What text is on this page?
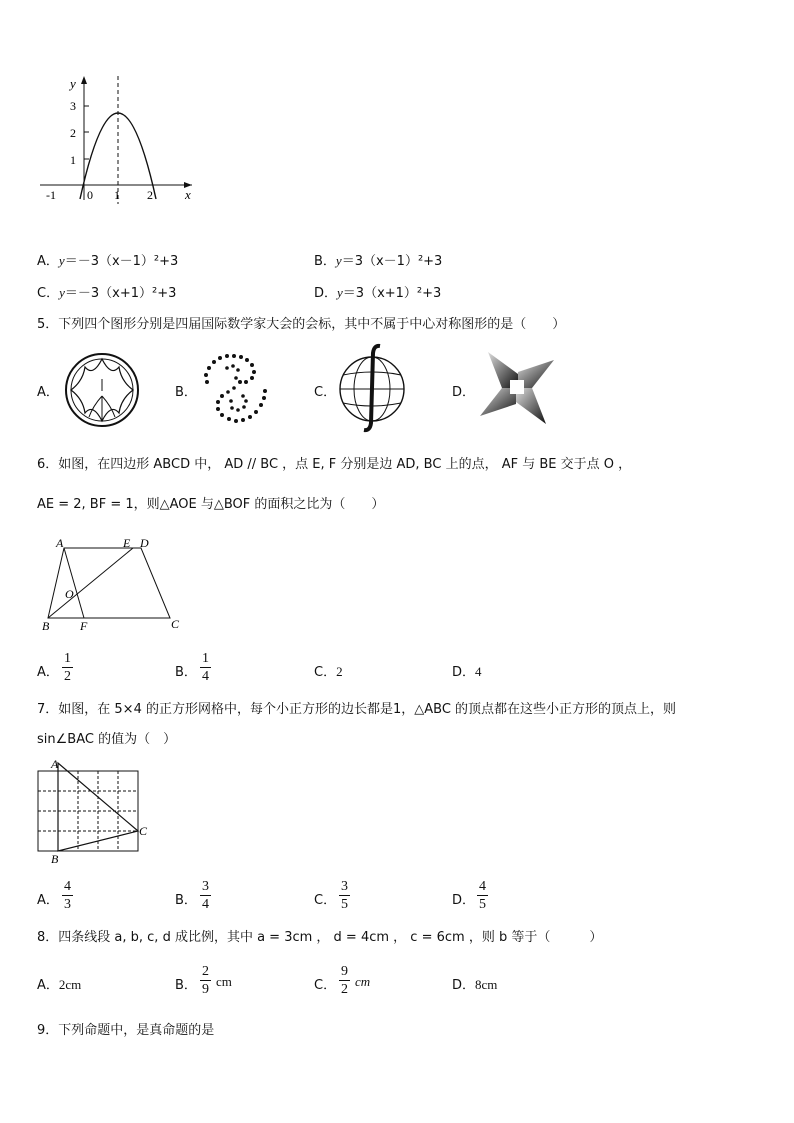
y
x
3
2
1
-1	0 1 2
A．y＝－3（x－1）²+3	B．y＝3（x－1）²+3
C．y＝－3（x+1）²+3	D．y＝3（x+1）²+3
5．下列四个图形分别是四届国际数学家大会的会标，其中不属于中心对称图形的是（　　）
A．	B．	C．	D．
6．如图，在四边形 ABCD 中， AD // BC ，点 E, F 分别是边 AD, BC 上的点， AF 与 BE 交于点 O ，
AE = 2, BF = 1，则△AOE 与△BOF 的面积之比为（　　）
A	E D
O
B	F	C
A． $\frac{1}{2}$	B． $\frac{1}{4}$	C．2	D．4
7．如图，在 5×4 的正方形网格中，每个小正方形的边长都是1，△ABC 的顶点都在这些小正方形的顶点上，则
sin∠BAC 的值为（　）
A
B
C
A． $\frac{4}{3}$	B． $\frac{3}{4}$	C． $\frac{3}{5}$	D． $\frac{4}{5}$
8．四条线段 a, b, c, d 成比例，其中 a = 3cm ， d = 4cm ， c = 6cm ，则 b 等于（　　　）
A．2cm	B． $\frac{2}{9}$ cm	C． $\frac{9}{2}$ cm	D．8cm
9．下列命题中，是真命题的是
